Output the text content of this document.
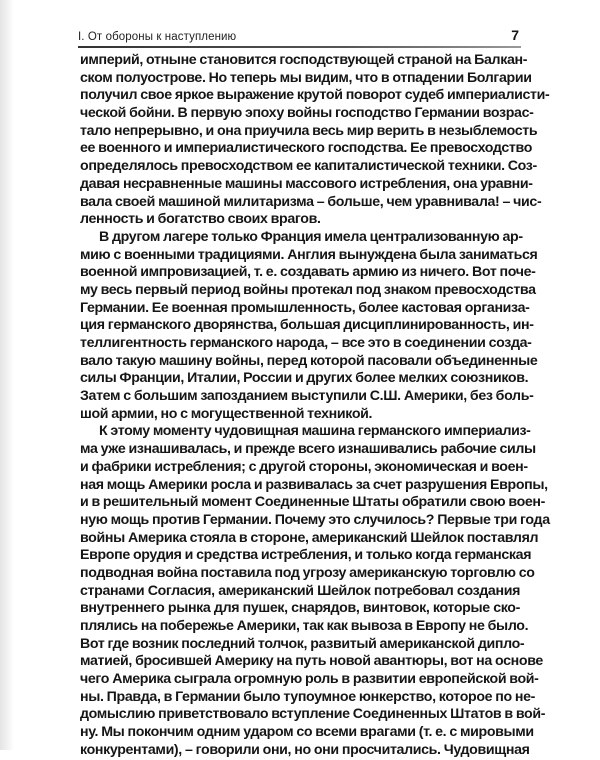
I. От обороны к наступлению	7
империй, отныне становится господствующей страной на Балкан-
ском полуострове. Но теперь мы видим, что в отпадении Болгарии
получил свое яркое выражение крутой поворот судеб империалисти-
ческой бойни. В первую эпоху войны господство Германии возрас-
тало непрерывно, и она приучила весь мир верить в незыблемость
ее военного и империалистического господства. Ее превосходство
определялось превосходством ее капиталистической техники. Соз-
давая несравненные машины массового истребления, она уравни-
вала своей машиной милитаризма – больше, чем уравнивала! – чис-
ленность и богатство своих врагов.
В другом лагере только Франция имела централизованную ар-
мию с военными традициями. Англия вынуждена была заниматься
военной импровизацией, т. е. создавать армию из ничего. Вот поче-
му весь первый период войны протекал под знаком превосходства
Германии. Ее военная промышленность, более кастовая организа-
ция германского дворянства, большая дисциплинированность, ин-
теллигентность германского народа, – все это в соединении созда-
вало такую машину войны, перед которой пасовали объединенные
силы Франции, Италии, России и других более мелких союзников.
Затем с большим запозданием выступили С.Ш. Америки, без боль-
шой армии, но с могущественной техникой.
К этому моменту чудовищная машина германского империализ-
ма уже изнашивалась, и прежде всего изнашивались рабочие силы
и фабрики истребления; с другой стороны, экономическая и воен-
ная мощь Америки росла и развивалась за счет разрушения Европы,
и в решительный момент Соединенные Штаты обратили свою воен-
ную мощь против Германии. Почему это случилось? Первые три года
войны Америка стояла в стороне, американский Шейлок поставлял
Европе орудия и средства истребления, и только когда германская
подводная война поставила под угрозу американскую торговлю со
странами Согласия, американский Шейлок потребовал создания
внутреннего рынка для пушек, снарядов, винтовок, которые ско-
плялись на побережье Америки, так как вывоза в Европу не было.
Вот где возник последний толчок, развитый американской дипло-
матией, бросившей Америку на путь новой авантюры, вот на основе
чего Америка сыграла огромную роль в развитии европейской вой-
ны. Правда, в Германии было тупоумное юнкерство, которое по не-
домыслию приветствовало вступление Соединенных Штатов в вой-
ну. Мы покончим одним ударом со всеми врагами (т. е. с мировыми
конкурентами), – говорили они, но они просчитались. Чудовищная
